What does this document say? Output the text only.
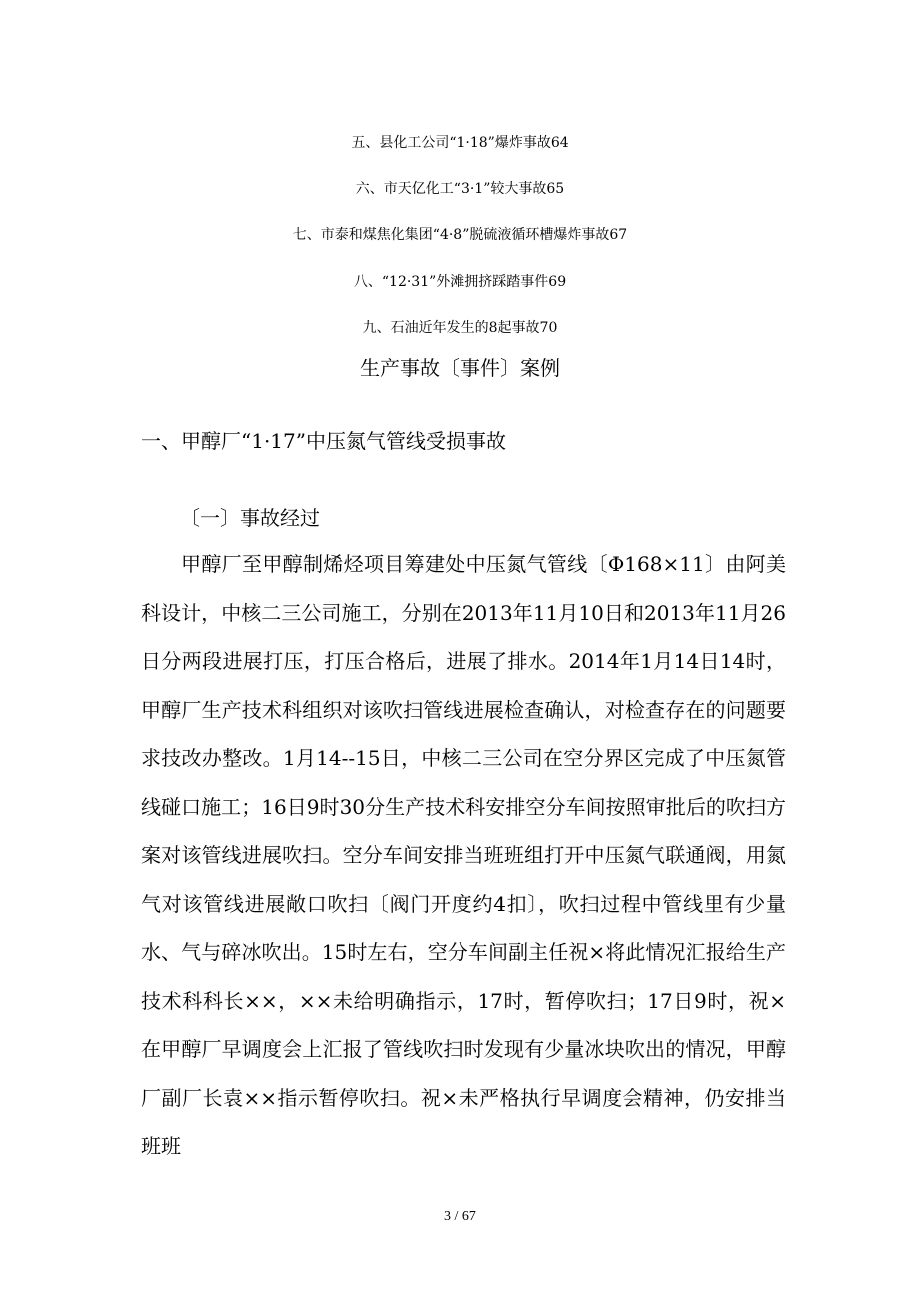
五、县化工公司“1·18”爆炸事故64
六、市天亿化工“3·1”较大事故65
七、市泰和煤焦化集团“4·8”脱硫液循环槽爆炸事故67
八、“12·31”外滩拥挤踩踏事件69
九、石油近年发生的8起事故70
生产事故〔事件〕案例
一、甲醇厂“1·17”中压氮气管线受损事故
〔一〕事故经过

甲醇厂至甲醇制烯烃项目筹建处中压氮气管线〔Φ168×11〕由阿美科设计，中核二三公司施工，分别在2013年11月10日和2013年11月26日分两段进展打压，打压合格后，进展了排水。2014年1月14日14时，甲醇厂生产技术科组织对该吹扫管线进展检查确认，对检查存在的问题要求技改办整改。1月14--15日，中核二三公司在空分界区完成了中压氮管线碰口施工；16日9时30分生产技术科安排空分车间按照审批后的吹扫方案对该管线进展吹扫。空分车间安排当班班组打开中压氮气联通阀，用氮气对该管线进展敞口吹扫〔阀门开度约4扣〕，吹扫过程中管线里有少量水、气与碎冰吹出。15时左右，空分车间副主任祝×将此情况汇报给生产技术科科长××，××未给明确指示，17时，暂停吹扫；17日9时，祝×在甲醇厂早调度会上汇报了管线吹扫时发现有少量冰块吹出的情况，甲醇厂副厂长袁××指示暂停吹扫。祝×未严格执行早调度会精神，仍安排当班班

3 / 67
